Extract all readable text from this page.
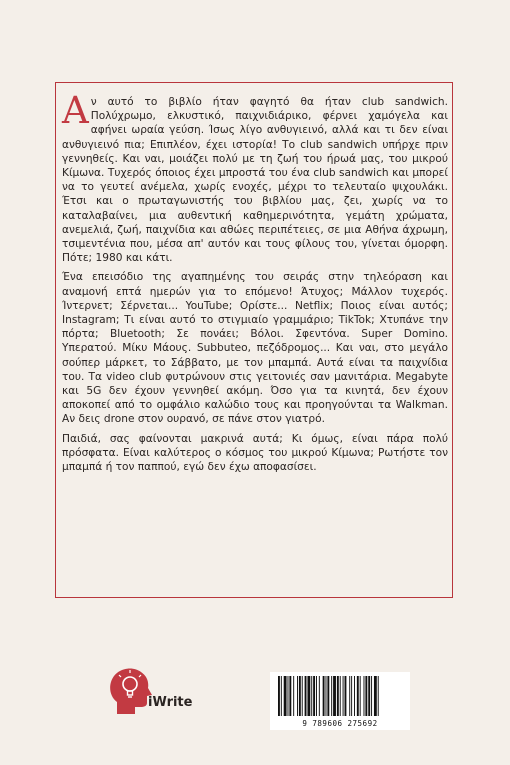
Αν αυτό το βιβλίο ήταν φαγητό θα ήταν club sandwich. Πολύχρωμο, ελκυστικό, παιχνιδιάρικο, φέρνει χαμόγελα και αφήνει ωραία γεύση. Ίσως λίγο ανθυγιεινό, αλλά και τι δεν είναι ανθυγιεινό πια; Επιπλέον, έχει ιστορία! Το club sandwich υπήρχε πριν γεννηθείς. Και ναι, μοιάζει πολύ με τη ζωή του ήρωά μας, του μικρού Κίμωνα. Τυχερός όποιος έχει μπροστά του ένα club sandwich και μπορεί να το γευτεί ανέμελα, χωρίς ενοχές, μέχρι το τελευταίο ψιχουλάκι. Έτσι και ο πρωταγωνιστής του βιβλίου μας, ζει, χωρίς να το καταλαβαίνει, μια αυθεντική καθημερινότητα, γεμάτη χρώματα, ανεμελιά, ζωή, παιχνίδια και αθώες περιπέτειες, σε μια Αθήνα άχρωμη, τσιμεντένια που, μέσα απ' αυτόν και τους φίλους του, γίνεται όμορφη. Πότε; 1980 και κάτι.

Ένα επεισόδιο της αγαπημένης του σειράς στην τηλεόραση και αναμονή επτά ημερών για το επόμενο! Άτυχος; Μάλλον τυχερός. Ίντερνετ; Σέρνεται... YouTube; Ορίστε... Netflix; Ποιος είναι αυτός; Instagram; Τι είναι αυτό το στιγμιαίο γραμμάριο; TikTok; Χτυπάνε την πόρτα; Bluetooth; Σε πονάει; Βόλοι. Σφεντόνα. Super Domino. Υπερατού. Μίκυ Μάους. Subbuteo, πεζόδρομος... Και ναι, στο μεγάλο σούπερ μάρκετ, το Σάββατο, με τον μπαμπά. Αυτά είναι τα παιχνίδια του. Τα video club φυτρώνουν στις γειτονιές σαν μανιτάρια. Megabyte και 5G δεν έχουν γεννηθεί ακόμη. Όσο για τα κινητά, δεν έχουν αποκοπεί από το ομφάλιο καλώδιο τους και προηγούνται τα Walkman. Αν δεις drone στον ουρανό, σε πάνε στον γιατρό.

Παιδιά, σας φαίνονται μακρινά αυτά; Κι όμως, είναι πάρα πολύ πρόσφατα. Είναι καλύτερος ο κόσμος του μικρού Κίμωνα; Ρωτήστε τον μπαμπά ή τον παππού, εγώ δεν έχω αποφασίσει.

iWrite
9 789606 275692
